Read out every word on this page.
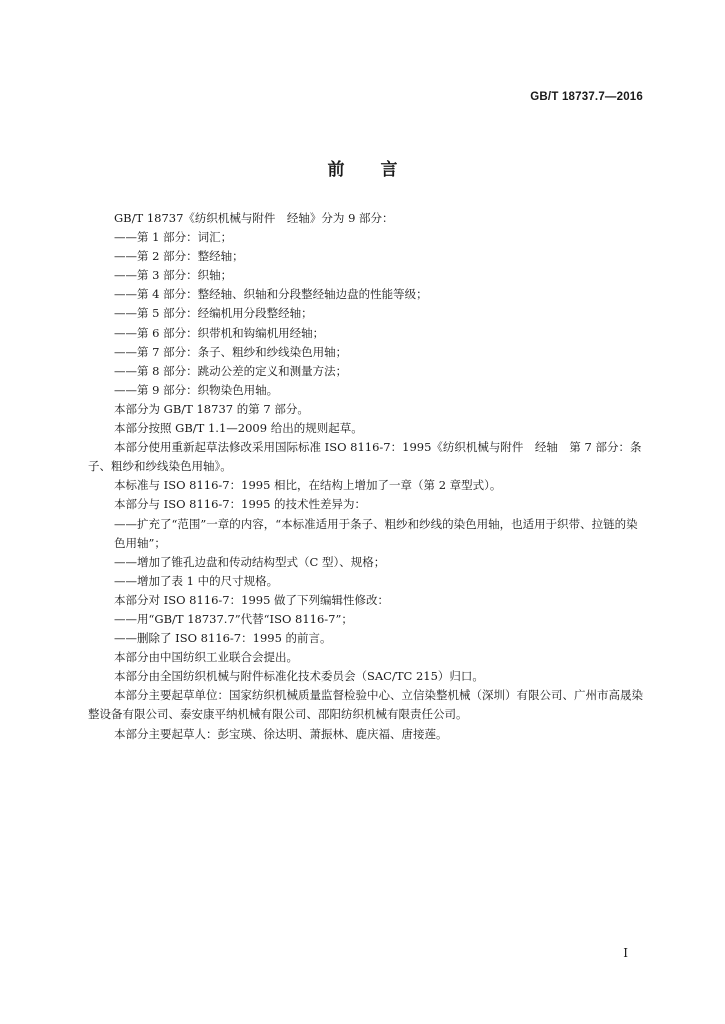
GB/T 18737.7—2016
前 言

GB/T 18737《纺织机械与附件　经轴》分为 9 部分：

——第 1 部分：词汇；

——第 2 部分：整经轴；

——第 3 部分：织轴；

——第 4 部分：整经轴、织轴和分段整经轴边盘的性能等级；

——第 5 部分：经编机用分段整经轴；

——第 6 部分：织带机和钩编机用经轴；

——第 7 部分：条子、粗纱和纱线染色用轴；

——第 8 部分：跳动公差的定义和测量方法；

——第 9 部分：织物染色用轴。

本部分为 GB/T 18737 的第 7 部分。

本部分按照 GB/T 1.1—2009 给出的规则起草。

本部分使用重新起草法修改采用国际标准 ISO 8116-7：1995《纺织机械与附件　经轴　第 7 部分：条子、粗纱和纱线染色用轴》。

本标准与 ISO 8116-7：1995 相比，在结构上增加了一章（第 2 章型式）。

本部分与 ISO 8116-7：1995 的技术性差异为：

——扩充了“范围”一章的内容，“本标准适用于条子、粗纱和纱线的染色用轴，也适用于织带、拉链的染色用轴”；

——增加了锥孔边盘和传动结构型式（C 型）、规格；

——增加了表 1 中的尺寸规格。

本部分对 ISO 8116-7：1995 做了下列编辑性修改：

——用“GB/T 18737.7”代替“ISO 8116-7”；

——删除了 ISO 8116-7：1995 的前言。

本部分由中国纺织工业联合会提出。

本部分由全国纺织机械与附件标准化技术委员会（SAC/TC 215）归口。

本部分主要起草单位：国家纺织机械质量监督检验中心、立信染整机械（深圳）有限公司、广州市高晟染整设备有限公司、泰安康平纳机械有限公司、邵阳纺织机械有限责任公司。

本部分主要起草人：彭宝瑛、徐达明、萧振林、鹿庆福、唐接莲。

I
